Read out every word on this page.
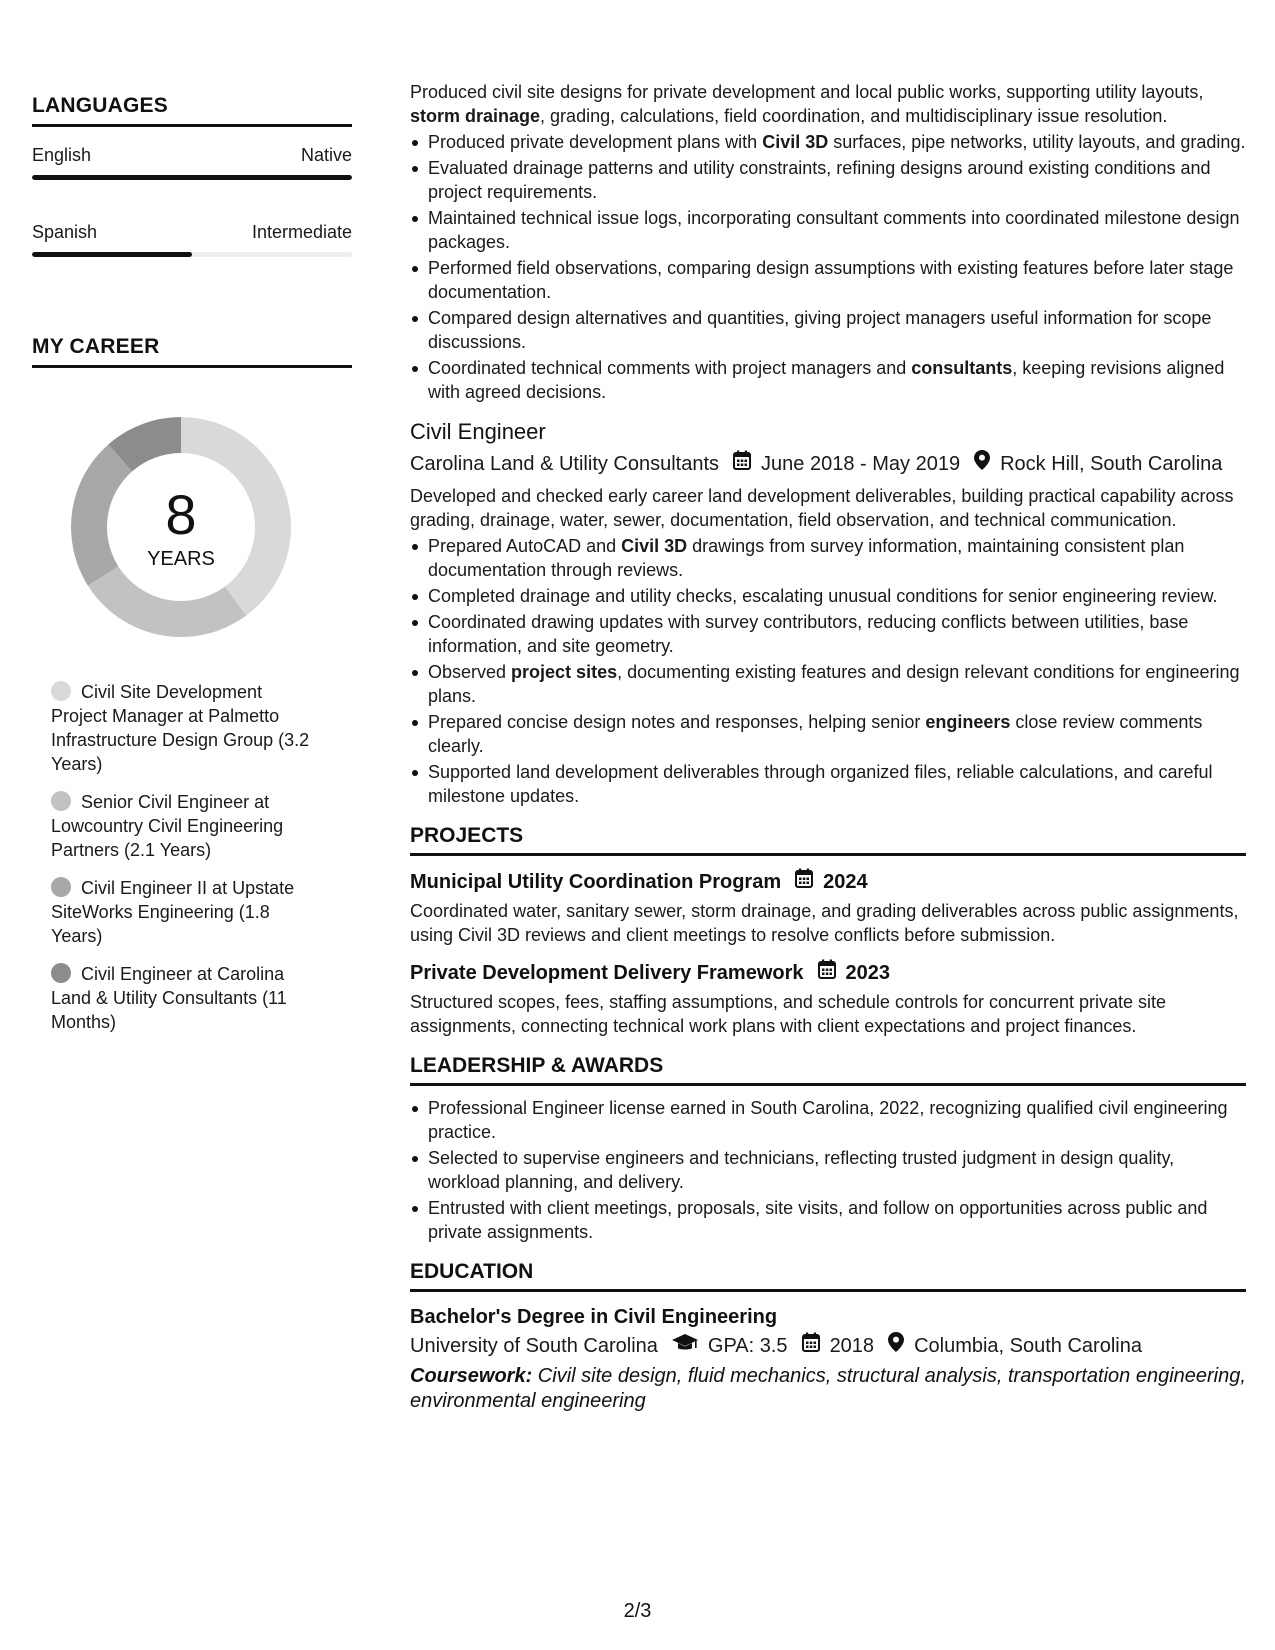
LANGUAGES
English	Native
Spanish	Intermediate
MY CAREER
8
YEARS
Civil Site Development Project Manager at Palmetto Infrastructure Design Group (3.2 Years)
Senior Civil Engineer at Lowcountry Civil Engineering Partners (2.1 Years)
Civil Engineer II at Upstate SiteWorks Engineering (1.8 Years)
Civil Engineer at Carolina Land & Utility Consultants (11 Months)

Produced civil site designs for private development and local public works, supporting utility layouts, storm drainage, grading, calculations, field coordination, and multidisciplinary issue resolution.

Produced private development plans with Civil 3D surfaces, pipe networks, utility layouts, and grading.
Evaluated drainage patterns and utility constraints, refining designs around existing conditions and project requirements.
Maintained technical issue logs, incorporating consultant comments into coordinated milestone design packages.
Performed field observations, comparing design assumptions with existing features before later stage documentation.
Compared design alternatives and quantities, giving project managers useful information for scope discussions.
Coordinated technical comments with project managers and consultants, keeping revisions aligned with agreed decisions.
Civil Engineer
Carolina Land & Utility Consultants June 2018 - May 2019 Rock Hill, South Carolina

Developed and checked early career land development deliverables, building practical capability across grading, drainage, water, sewer, documentation, field observation, and technical communication.

Prepared AutoCAD and Civil 3D drawings from survey information, maintaining consistent plan documentation through reviews.
Completed drainage and utility checks, escalating unusual conditions for senior engineering review.
Coordinated drawing updates with survey contributors, reducing conflicts between utilities, base information, and site geometry.
Observed project sites, documenting existing features and design relevant conditions for engineering plans.
Prepared concise design notes and responses, helping senior engineers close review comments clearly.
Supported land development deliverables through organized files, reliable calculations, and careful milestone updates.
PROJECTS
Municipal Utility Coordination Program 2024

Coordinated water, sanitary sewer, storm drainage, and grading deliverables across public assignments, using Civil 3D reviews and client meetings to resolve conflicts before submission.

Private Development Delivery Framework 2023

Structured scopes, fees, staffing assumptions, and schedule controls for concurrent private site assignments, connecting technical work plans with client expectations and project finances.

LEADERSHIP & AWARDS
Professional Engineer license earned in South Carolina, 2022, recognizing qualified civil engineering practice.
Selected to supervise engineers and technicians, reflecting trusted judgment in design quality, workload planning, and delivery.
Entrusted with client meetings, proposals, site visits, and follow on opportunities across public and private assignments.
EDUCATION
Bachelor's Degree in Civil Engineering
University of South Carolina	GPA: 3.5 2018 Columbia, South Carolina

Coursework: Civil site design, fluid mechanics, structural analysis, transportation engineering, environmental engineering

2/3
